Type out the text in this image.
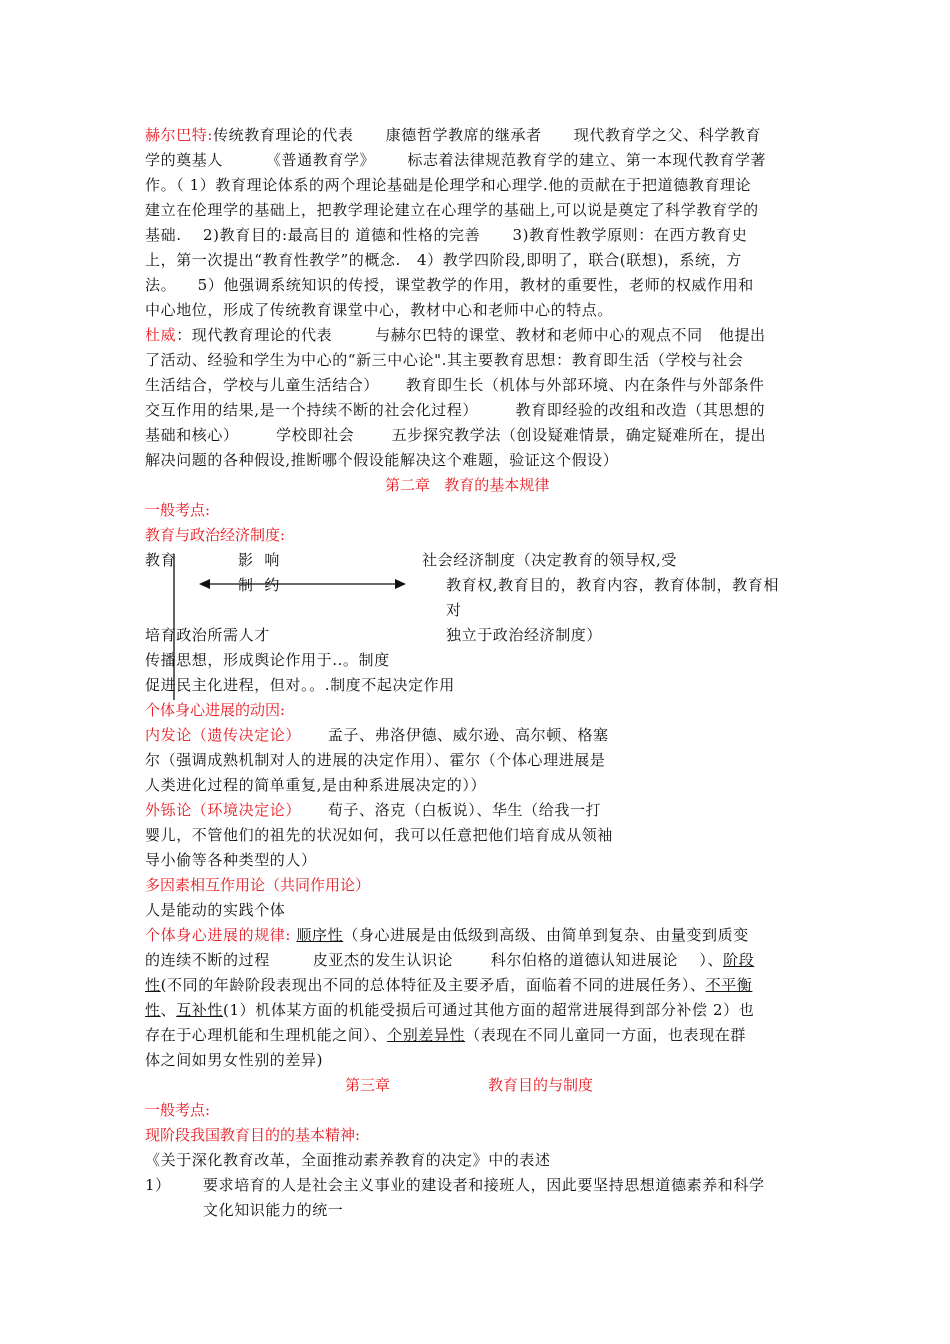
赫尔巴特:传统教育理论的代表      康德哲学教席的继承者      现代教育学之父、科学教育
学的奠基人        《普通教育学》      标志着法律规范教育学的建立、第一本现代教育学著
作。（ 1）教育理论体系的两个理论基础是伦理学和心理学.他的贡献在于把道德教育理论
建立在伦理学的基础上，把教学理论建立在心理学的基础上,可以说是奠定了科学教育学的
基础.    2)教育目的:最高目的 道德和性格的完善      3)教育性教学原则：在西方教育史
上，第一次提出“教育性教学”的概念.   4）教学四阶段,即明了，联合(联想)，系统，方
法。    5）他强调系统知识的传授，课堂教学的作用，教材的重要性，老师的权威作用和
中心地位，形成了传统教育课堂中心，教材中心和老师中心的特点。
杜威：现代教育理论的代表        与赫尔巴特的课堂、教材和老师中心的观点不同   他提出
了活动、经验和学生为中心的“新三中心论".其主要教育思想：教育即生活（学校与社会
生活结合，学校与儿童生活结合）     教育即生长（机体与外部环境、内在条件与外部条件
交互作用的结果,是一个持续不断的社会化过程）       教育即经验的改组和改造（其思想的
基础和核心）       学校即社会       五步探究教学法（创设疑难情景，确定疑难所在，提出
解决问题的各种假设,推断哪个假设能解决这个难题，验证这个假设）
第二章   教育的基本规律
一般考点:
教育与政治经济制度:
教育	影  响	社会经济制度（决定教育的领导权,受
制  约	教育权,教育目的，教育内容，教育体制，教育相
对
培育政治所需人才	独立于政治经济制度）
传播思想，形成舆论作用于..。制度
促进民主化进程，但对。。.制度不起决定作用
个体身心进展的动因:
内发论（遗传决定论）     孟子、弗洛伊德、威尔逊、高尔顿、格塞
尔（强调成熟机制对人的进展的决定作用）、霍尔（个体心理进展是
人类进化过程的简单重复,是由种系进展决定的））
外铄论（环境决定论）     荀子、洛克（白板说）、华生（给我一打
婴儿，不管他们的祖先的状况如何，我可以任意把他们培育成从领袖
导小偷等各种类型的人）
多因素相互作用论（共同作用论）
人是能动的实践个体
个体身心进展的规律: 顺序性（身心进展是由低级到高级、由简单到复杂、由量变到质变
的连续不断的过程        皮亚杰的发生认识论       科尔伯格的道德认知进展论    ）、阶段
性(不同的年龄阶段表现出不同的总体特征及主要矛盾，面临着不同的进展任务）、不平衡
性、互补性(1）机体某方面的机能受损后可通过其他方面的超常进展得到部分补偿 2）也
存在于心理机能和生理机能之间）、个别差异性（表现在不同儿童同一方面，也表现在群
体之间如男女性别的差异)
第三章	教育目的与制度
一般考点:
现阶段我国教育目的的基本精神:
《关于深化教育改革，全面推动素养教育的决定》中的表述
1） 要求培育的人是社会主义事业的建设者和接班人，因此要坚持思想道德素养和科学
文化知识能力的统一
